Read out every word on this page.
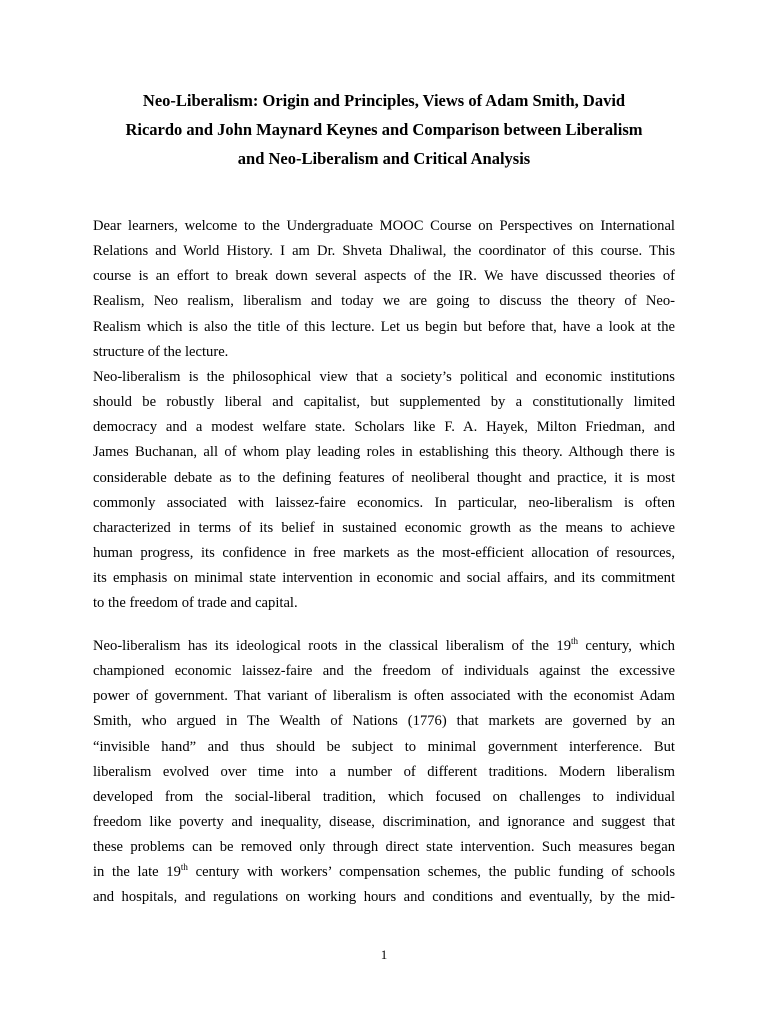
Neo-Liberalism: Origin and Principles, Views of Adam Smith, David
Ricardo and John Maynard Keynes and Comparison between Liberalism
and Neo-Liberalism and Critical Analysis
Dear learners, welcome to the Undergraduate MOOC Course on Perspectives on International
Relations and World History. I am Dr. Shveta Dhaliwal, the coordinator of this course. This
course is an effort to break down several aspects of the IR. We have discussed theories of
Realism, Neo realism, liberalism and today we are going to discuss the theory of Neo-
Realism which is also the title of this lecture. Let us begin but before that, have a look at the
structure of the lecture.
Neo-liberalism is the philosophical view that a society’s political and economic institutions
should be robustly liberal and capitalist, but supplemented by a constitutionally limited
democracy and a modest welfare state. Scholars like F. A. Hayek, Milton Friedman, and
James Buchanan, all of whom play leading roles in establishing this theory. Although there is
considerable debate as to the defining features of neoliberal thought and practice, it is most
commonly associated with laissez-faire economics. In particular, neo-liberalism is often
characterized in terms of its belief in sustained economic growth as the means to achieve
human progress, its confidence in free markets as the most-efficient allocation of resources,
its emphasis on minimal state intervention in economic and social affairs, and its commitment
to the freedom of trade and capital.
Neo-liberalism has its ideological roots in the classical liberalism of the 19th century, which
championed economic laissez-faire and the freedom of individuals against the excessive
power of government. That variant of liberalism is often associated with the economist Adam
Smith, who argued in The Wealth of Nations (1776) that markets are governed by an
“invisible hand” and thus should be subject to minimal government interference. But
liberalism evolved over time into a number of different traditions. Modern liberalism
developed from the social-liberal tradition, which focused on challenges to individual
freedom like poverty and inequality, disease, discrimination, and ignorance and suggest that
these problems can be removed only through direct state intervention. Such measures began
in the late 19th century with workers’ compensation schemes, the public funding of schools
and hospitals, and regulations on working hours and conditions and eventually, by the mid-
1
